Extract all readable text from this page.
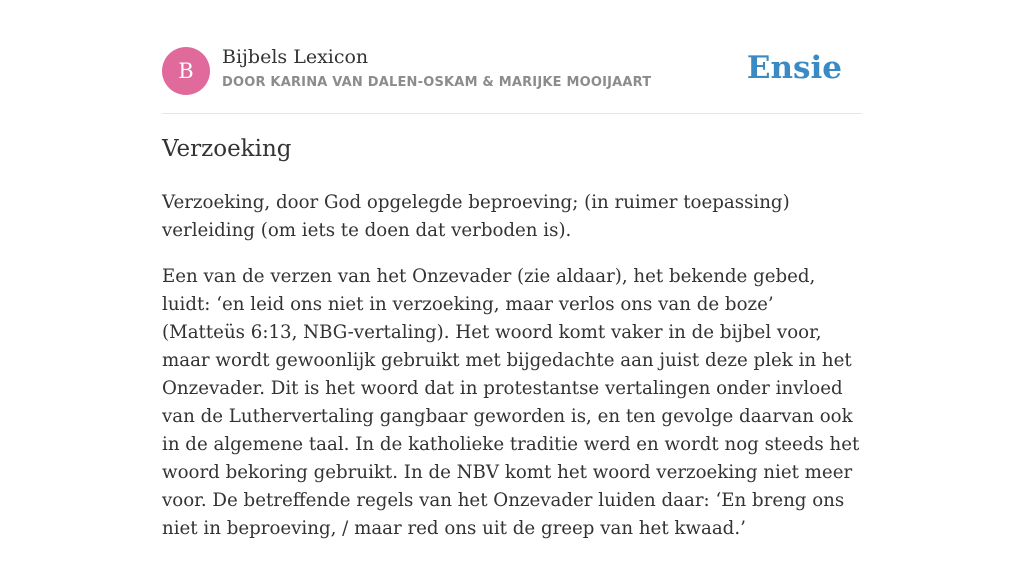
B
Bijbels Lexicon
DOOR KARINA VAN DALEN-OSKAM & MARIJKE MOOIJAART	Ensie
Verzoeking

Verzoeking, door God opgelegde beproeving; (in ruimer toepassing) verleiding (om iets te doen dat verboden is).

Een van de verzen van het Onzevader (zie aldaar), het bekende gebed, luidt: ‘en leid ons niet in verzoeking, maar verlos ons van de boze’ (Matteüs 6:13, NBG-vertaling). Het woord komt vaker in de bijbel voor, maar wordt gewoonlijk gebruikt met bijgedachte aan juist deze plek in het Onzevader. Dit is het woord dat in protestantse vertalingen onder invloed van de Luthervertaling gangbaar geworden is, en ten gevolge daarvan ook in de algemene taal. In de katholieke traditie werd en wordt nog steeds het woord bekoring gebruikt. In de NBV komt het woord verzoeking niet meer voor. De betreffende regels van het Onzevader luiden daar: ‘En breng ons niet in beproeving, / maar red ons uit de greep van het kwaad.’
